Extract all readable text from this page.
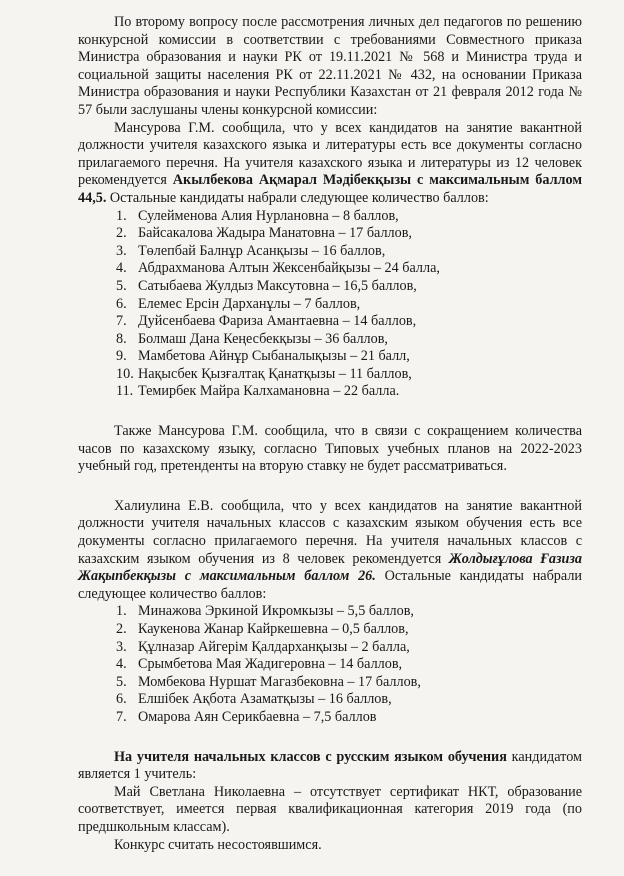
По второму вопросу после рассмотрения личных дел педагогов по решению конкурсной комиссии в соответствии с требованиями Совместного приказа Министра образования и науки РК от 19.11.2021 № 568 и Министра труда и социальной защиты населения РК от 22.11.2021 № 432, на основании Приказа Министра образования и науки Республики Казахстан от 21 февраля 2012 года № 57 были заслушаны члены конкурсной комиссии:

Мансурова Г.М. сообщила, что у всех кандидатов на занятие вакантной должности учителя казахского языка и литературы есть все документы согласно прилагаемого перечня. На учителя казахского языка и литературы из 12 человек рекомендуется Акылбекова Ақмарал Мәдібекқызы с максимальным баллом 44,5. Остальные кандидаты набрали следующее количество баллов:

1. Сулейменова Алия Нурлановна – 8 баллов,
2. Байсакалова Жадыра Манатовна – 17 баллов,
3. Төлепбай Балнұр Асанқызы – 16 баллов,
4. Абдрахманова Алтын Жексенбайқызы – 24 балла,
5. Сатыбаева Жулдыз Максутовна – 16,5 баллов,
6. Елемес Ерсін Дарханұлы – 7 баллов,
7. Дуйсенбаева Фариза Амантаевна – 14 баллов,
8. Болмаш Дана Кеңесбекқызы – 36 баллов,
9. Мамбетова Айнұр Сыбаналықызы – 21 балл,
10. Нақысбек Қызғалтақ Қанатқызы – 11 баллов,
11. Темирбек Майра Калхамановна – 22 балла.

Также Мансурова Г.М. сообщила, что в связи с сокращением количества часов по казахскому языку, согласно Типовых учебных планов на 2022-2023 учебный год, претенденты на вторую ставку не будет рассматриваться.

Халиулина Е.В. сообщила, что у всех кандидатов на занятие вакантной должности учителя начальных классов с казахским языком обучения есть все документы согласно прилагаемого перечня. На учителя начальных классов с казахским языком обучения из 8 человек рекомендуется Жолдығұлова Ғазиза Жақыпбекқызы с максимальным баллом 26. Остальные кандидаты набрали следующее количество баллов:

1. Минажова Эркиной Икромкызы – 5,5 баллов,
2. Каукенова Жанар Кайркешевна – 0,5 баллов,
3. Құлназар Айгерім Қалдарханқызы – 2 балла,
4. Срымбетова Мая Жадигеровна – 14 баллов,
5. Момбекова Нуршат Магазбековна – 17 баллов,
6. Елшібек Ақбота Азаматқызы – 16 баллов,
7. Омарова Аян Серикбаевна – 7,5 баллов

На учителя начальных классов с русским языком обучения кандидатом является 1 учитель:

Май Светлана Николаевна – отсутствует сертификат НКТ, образование соответствует, имеется первая квалификационная категория 2019 года (по предшкольным классам).

Конкурс считать несостоявшимся.
